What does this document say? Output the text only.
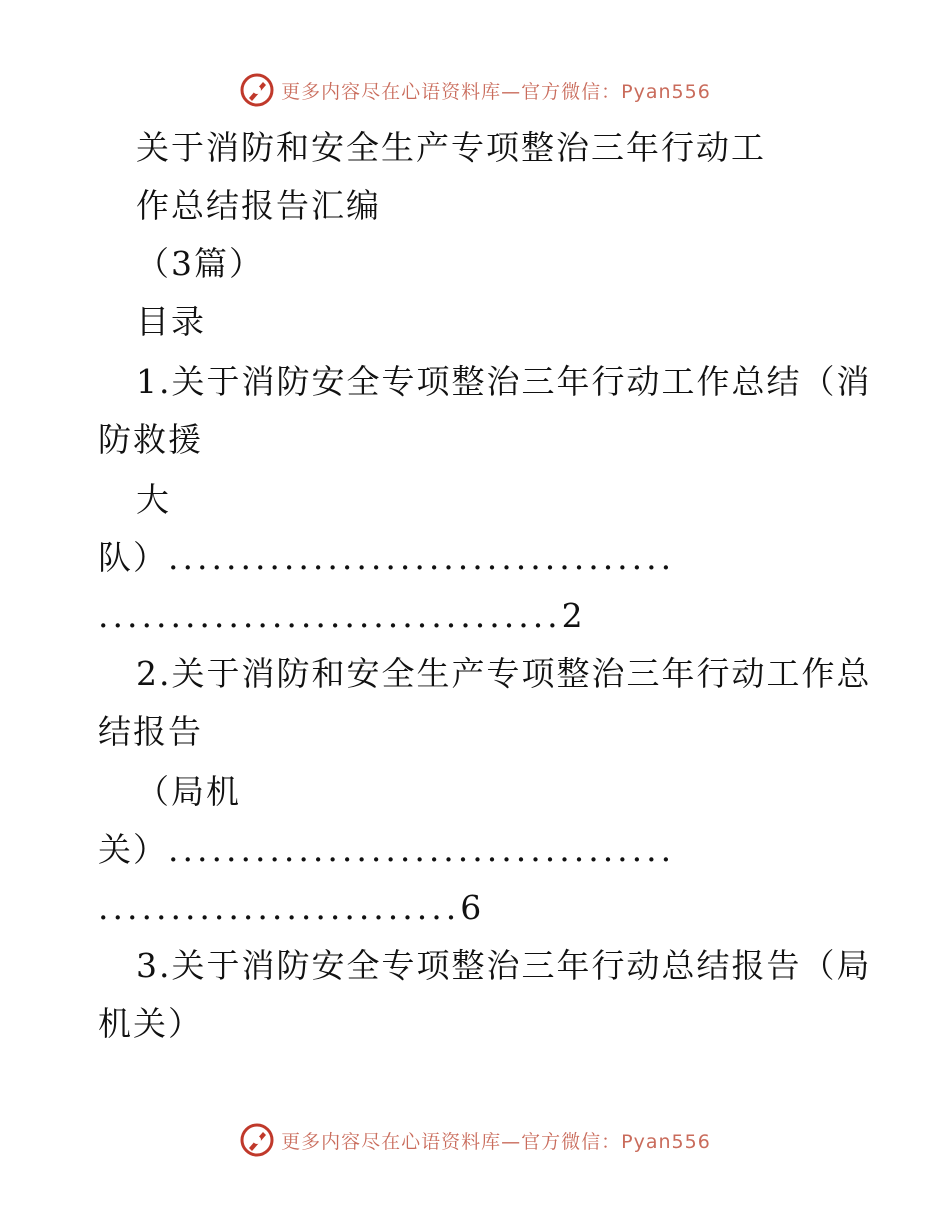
更多内容尽在心语资料库—官方微信：Pyan556
关于消防和安全生产专项整治三年行动工
作总结报告汇编
（3篇）
目录
1.关于消防安全专项整治三年行动工作总结（消
防救援
大
队）...................................
................................2
2.关于消防和安全生产专项整治三年行动工作总
结报告
（局机
关）...................................
.........................6
3.关于消防安全专项整治三年行动总结报告（局
机关）
更多内容尽在心语资料库—官方微信：Pyan556
